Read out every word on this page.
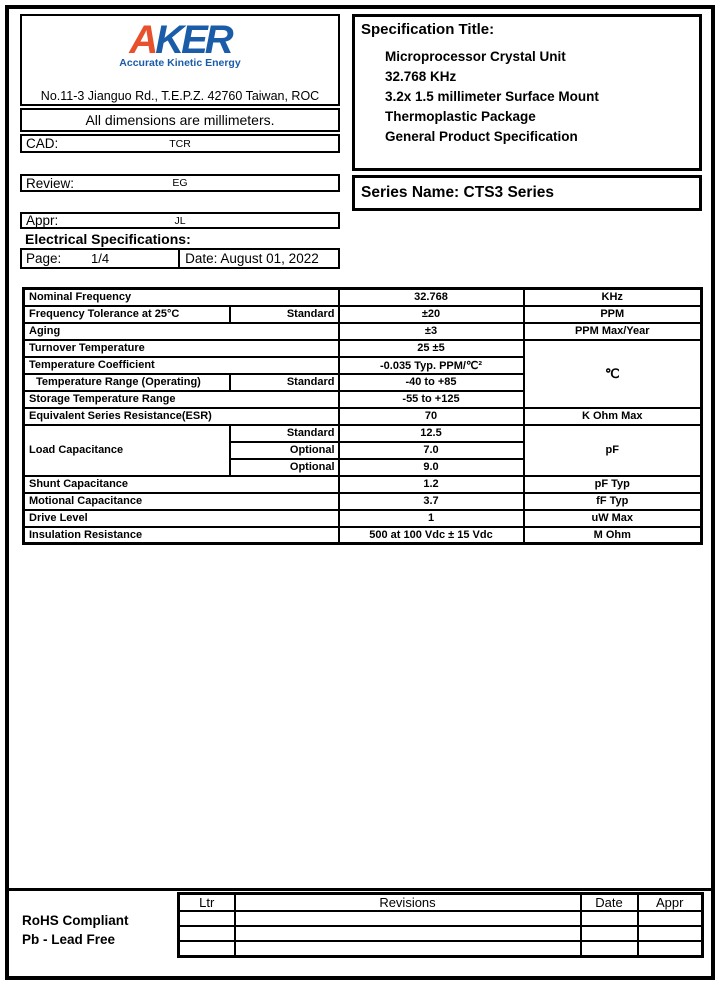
AKER
Accurate Kinetic Energy
No.11-3 Jianguo Rd., T.E.P.Z. 42760 Taiwan, ROC
All dimensions are millimeters.
CAD:	TCR
Review:	EG
Appr:	JL
Page:	1/4	Date: August 01, 2022
Specification Title:
Microprocessor Crystal Unit
32.768 KHz
3.2x 1.5 millimeter Surface Mount
Thermoplastic Package
General Product Specification
Series Name: CTS3 Series
Electrical Specifications:
Nominal Frequency		32.768	KHz
Frequency Tolerance at 25°C	Standard	±20	PPM
Aging		±3	PPM Max/Year
Turnover Temperature		25 ±5	℃
Temperature Coefficient		-0.035 Typ. PPM/℃²	
Temperature Range (Operating)	Standard	-40 to +85	
Storage Temperature Range		-55 to +125	
Equivalent Series Resistance(ESR)		70	K Ohm Max
Load Capacitance	Standard	12.5	pF
	Optional	7.0	
	Optional	9.0	
Shunt Capacitance		1.2	pF Typ
Motional Capacitance		3.7	fF Typ
Drive Level		1	uW Max
Insulation Resistance		500 at 100 Vdc ± 15 Vdc	M Ohm
RoHS Compliant
Pb - Lead Free
Ltr	Revisions	Date	Appr
